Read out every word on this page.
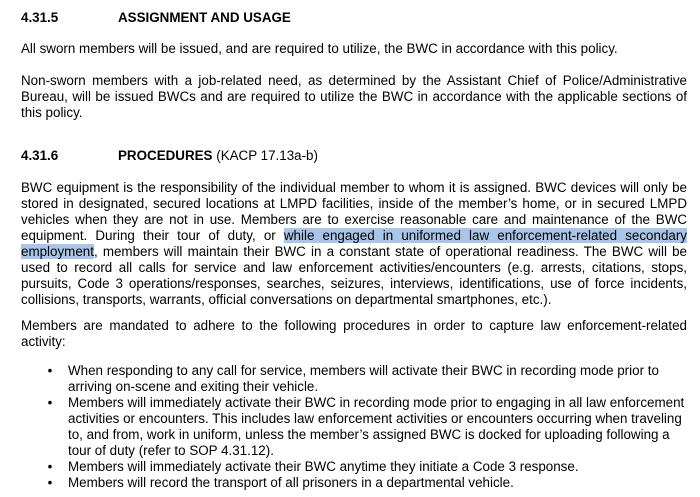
4.31.5	ASSIGNMENT AND USAGE
All sworn members will be issued, and are required to utilize, the BWC in accordance with this policy.
Non-sworn members with a job-related need, as determined by the Assistant Chief of Police/Administrative Bureau, will be issued BWCs and are required to utilize the BWC in accordance with the applicable sections of this policy.
4.31.6	PROCEDURES (KACP 17.13a-b)
BWC equipment is the responsibility of the individual member to whom it is assigned. BWC devices will only be stored in designated, secured locations at LMPD facilities, inside of the member’s home, or in secured LMPD vehicles when they are not in use. Members are to exercise reasonable care and maintenance of the BWC equipment. During their tour of duty, or while engaged in uniformed law enforcement-related secondary employment, members will maintain their BWC in a constant state of operational readiness. The BWC will be used to record all calls for service and law enforcement activities/encounters (e.g. arrests, citations, stops, pursuits, Code 3 operations/responses, searches, seizures, interviews, identifications, use of force incidents, collisions, transports, warrants, official conversations on departmental smartphones, etc.).
Members are mandated to adhere to the following procedures in order to capture law enforcement-related activity:
• When responding to any call for service, members will activate their BWC in recording mode prior to arriving on-scene and exiting their vehicle.
• Members will immediately activate their BWC in recording mode prior to engaging in all law enforcement activities or encounters. This includes law enforcement activities or encounters occurring when traveling to, and from, work in uniform, unless the member’s assigned BWC is docked for uploading following a tour of duty (refer to SOP 4.31.12).
• Members will immediately activate their BWC anytime they initiate a Code 3 response.
• Members will record the transport of all prisoners in a departmental vehicle.
